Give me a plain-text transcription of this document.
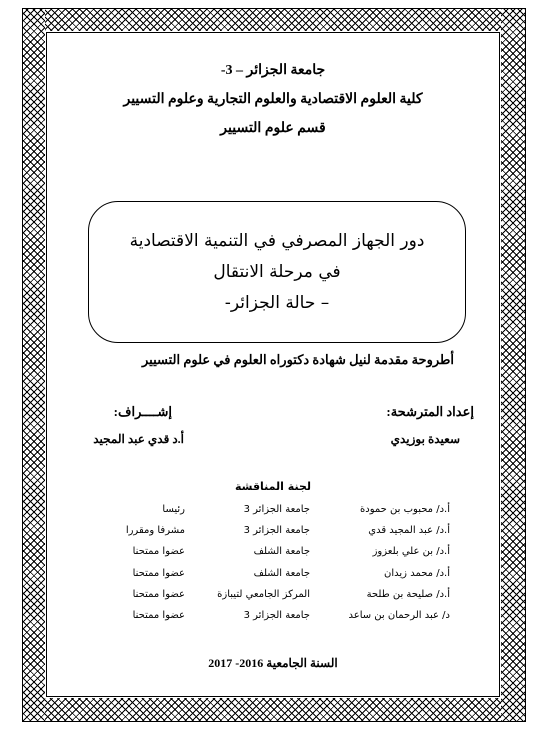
جامعة الجزائر – 3-
كلية العلوم الاقتصادية والعلوم التجارية وعلوم التسيير
قسم علوم التسيير
دور الجهاز المصرفي في التنمية الاقتصادية
في مرحلة الانتقال
– حالة الجزائر-
أطروحة مقدمة لنيل شهادة دكتوراه العلوم في علوم التسيير
إعداد المترشحة:
سعيدة بوزيدي
إشــــراف:
أ.د قدي عبد المجيد
لجنة المناقشة
أ.د/ محبوب بن حمودة
جامعة الجزائر 3
رئيسا
أ.د/ عبد المجيد قدي
جامعة الجزائر 3
مشرفا ومقررا
أ.د/ بن علي بلعزوز
جامعة الشلف
عضوا ممتحنا
أ.د/ محمد زيدان
جامعة الشلف
عضوا ممتحنا
أ.د/ صليحة بن طلحة
المركز الجامعي لتيبازة
عضوا ممتحنا
د/ عبد الرحمان بن ساعد
جامعة الجزائر 3
عضوا ممتحنا
السنة الجامعية 2016- 2017
